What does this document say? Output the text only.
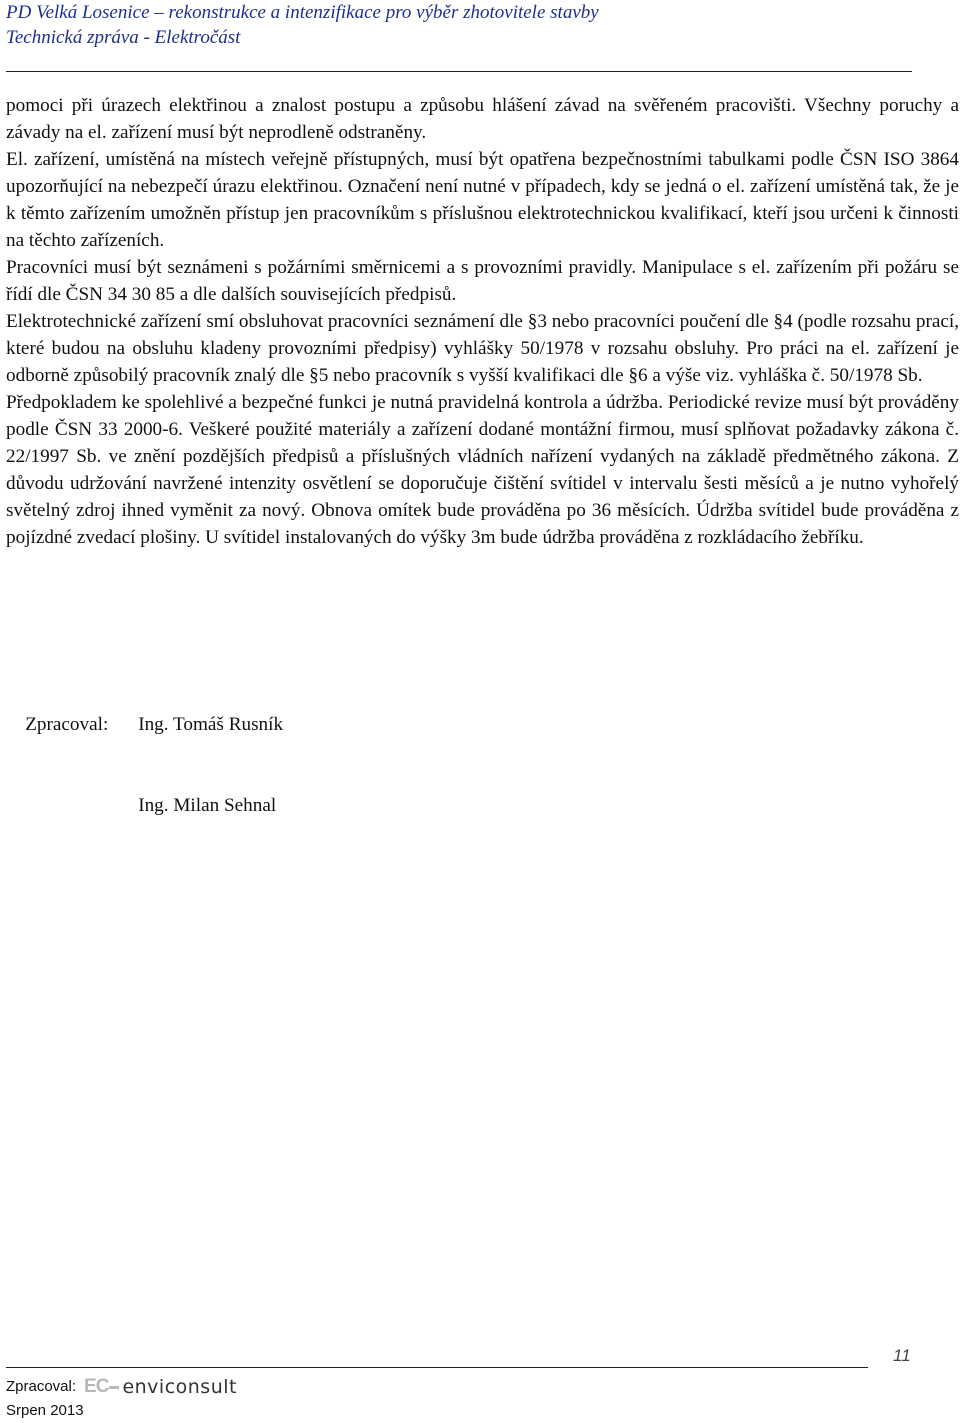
PD Velká Losenice – rekonstrukce a intenzifikace pro výběr zhotovitele stavby
Technická zpráva - Elektročást

pomoci při úrazech elektřinou a znalost postupu a způsobu hlášení závad na svěřeném pracovišti. Všechny poruchy a závady na el. zařízení musí být neprodleně odstraněny.

El. zařízení, umístěná na místech veřejně přístupných, musí být opatřena bezpečnostními tabulkami podle ČSN ISO 3864 upozorňující na nebezpečí úrazu elektřinou. Označení není nutné v případech, kdy se jedná o el. zařízení umístěná tak, že je k těmto zařízením umožněn přístup jen pracovníkům s příslušnou elektrotechnickou kvalifikací, kteří jsou určeni k činnosti na těchto zařízeních.

Pracovníci musí být seznámeni s požárními směrnicemi a s provozními pravidly. Manipulace s el. zařízením při požáru se řídí dle ČSN 34 30 85 a dle dalších souvisejících předpisů.

Elektrotechnické zařízení smí obsluhovat pracovníci seznámení dle §3 nebo pracovníci poučení dle §4 (podle rozsahu prací, které budou na obsluhu kladeny provozními předpisy) vyhlášky 50/1978 v rozsahu obsluhy. Pro práci na el. zařízení je odborně způsobilý pracovník znalý dle §5 nebo pracovník s vyšší kvalifikaci dle §6 a výše viz. vyhláška č. 50/1978 Sb.

Předpokladem ke spolehlivé a bezpečné funkci je nutná pravidelná kontrola a údržba. Periodické revize musí být prováděny podle ČSN 33 2000-6. Veškeré použité materiály a zařízení dodané montážní firmou, musí splňovat požadavky zákona č. 22/1997 Sb. ve znění pozdějších předpisů a příslušných vládních nařízení vydaných na základě předmětného zákona. Z důvodu udržování navržené intenzity osvětlení se doporučuje čištění svítidel v intervalu šesti měsíců a je nutno vyhořelý světelný zdroj ihned vyměnit za nový. Obnova omítek bude prováděna po 36 měsících. Údržba svítidel bude prováděna z pojízdné zvedací plošiny. U svítidel instalovaných do výšky 3m bude údržba prováděna z rozkládacího žebříku.

Zpracoval: Ing. Tomáš Rusník

Ing. Milan Sehnal

11
Zpracoval: EC enviconsult
Srpen 2013
